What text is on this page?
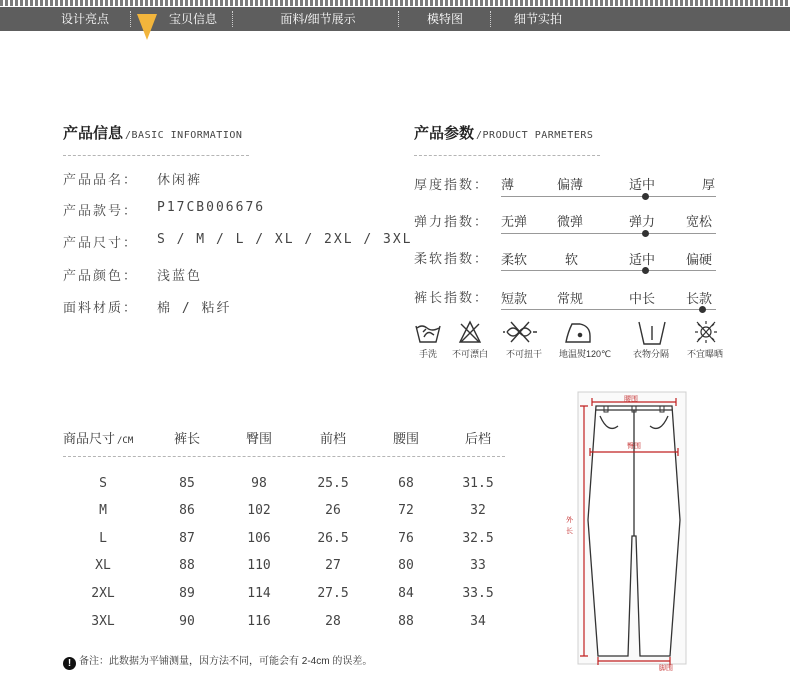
设计亮点	宝贝信息	面料/细节展示	模特图	细节实拍
产品信息 /BASIC INFORMATION
产品品名： 休闲裤
产品款号： P17CB006676
产品尺寸： S / M / L / XL / 2XL / 3XL
产品颜色： 浅蓝色
面料材质： 棉 / 粘纤
产品参数 /PRODUCT PARMETERS
厚度指数： 薄	偏薄	适中	厚
弹力指数： 无弹 微弹	弹力 宽松
柔软指数： 柔软	软	适中 偏硬
裤长指数： 短款 常规	中长 长款
手洗	不可漂白	不可扭干	地温熨120℃	衣物分隔	不宜曝晒
商品尺寸 /CM	裤长	臀围	前档	腰围	后档
S	85	98	25.5	68	31.5
M	86	102	26	72	32
L	87	106	26.5	76	32.5
XL	88	110	27	80	33
2XL	89	114	27.5	84	33.5
3XL	90	116	28	88	34
! 备注：此数据为平铺测量，因方法不同，可能会有 2-4cm 的误差。
腰围
臀围
外长
脚围
